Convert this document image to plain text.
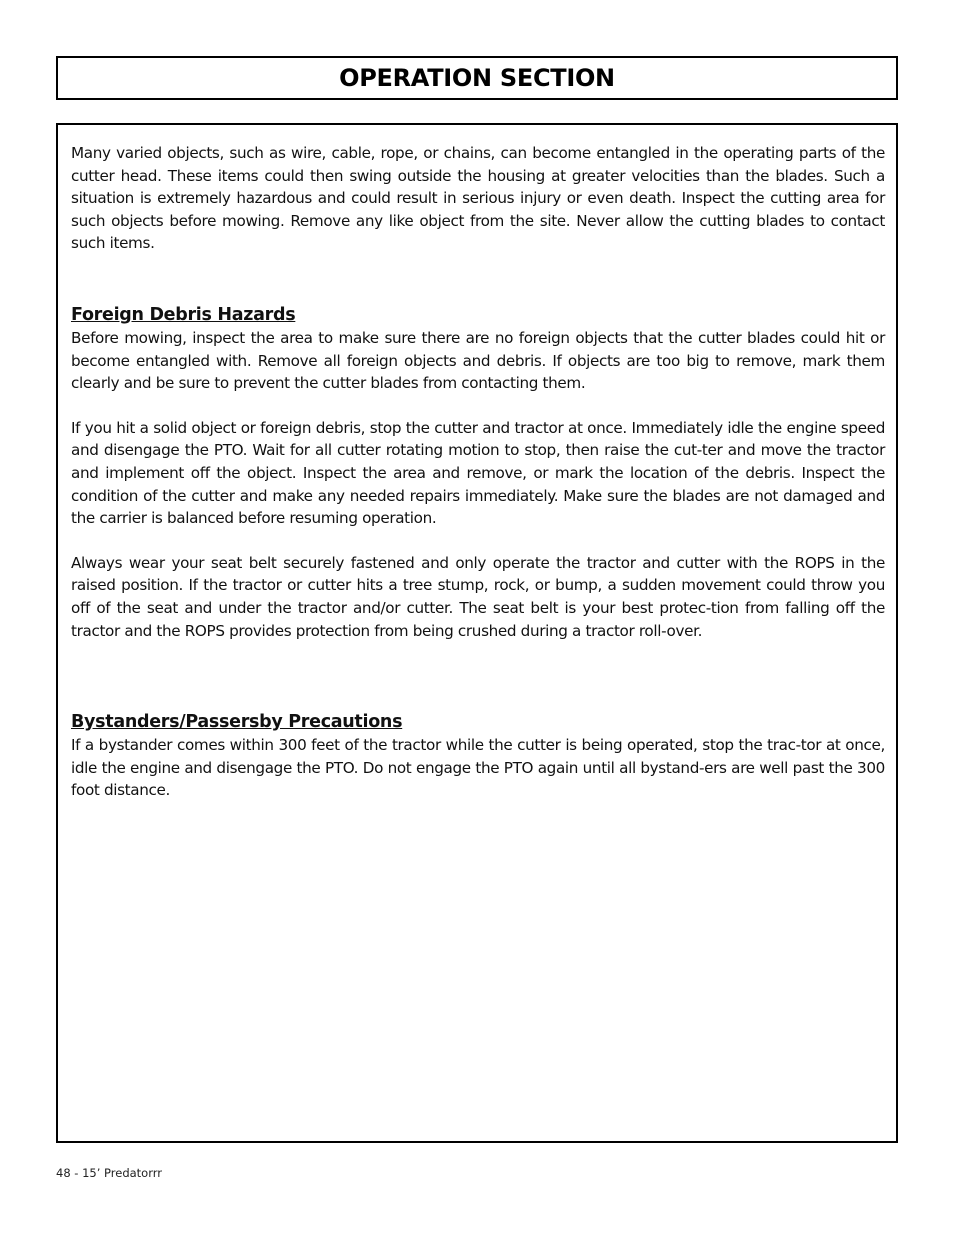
OPERATION SECTION

Many varied objects, such as wire, cable, rope, or chains, can become entangled in the operating parts of the cutter head. These items could then swing outside the housing at greater velocities than the blades. Such a situation is extremely hazardous and could result in serious injury or even death. Inspect the cutting area for such objects before mowing. Remove any like object from the site. Never allow the cutting blades to contact such items.

Foreign Debris Hazards

Before mowing, inspect the area to make sure there are no foreign objects that the cutter blades could hit or become entangled with. Remove all foreign objects and debris. If objects are too big to remove, mark them clearly and be sure to prevent the cutter blades from contacting them.

If you hit a solid object or foreign debris, stop the cutter and tractor at once. Immediately idle the engine speed and disengage the PTO. Wait for all cutter rotating motion to stop, then raise the cut-ter and move the tractor and implement off the object. Inspect the area and remove, or mark the location of the debris. Inspect the condition of the cutter and make any needed repairs immediately. Make sure the blades are not damaged and the carrier is balanced before resuming operation.

Always wear your seat belt securely fastened and only operate the tractor and cutter with the ROPS in the raised position. If the tractor or cutter hits a tree stump, rock, or bump, a sudden movement could throw you off of the seat and under the tractor and/or cutter. The seat belt is your best protec-tion from falling off the tractor and the ROPS provides protection from being crushed during a tractor roll-over.

Bystanders/Passersby Precautions

If a bystander comes within 300 feet of the tractor while the cutter is being operated, stop the trac-tor at once, idle the engine and disengage the PTO. Do not engage the PTO again until all bystand-ers are well past the 300 foot distance.

48 - 15’ Predatorrr
